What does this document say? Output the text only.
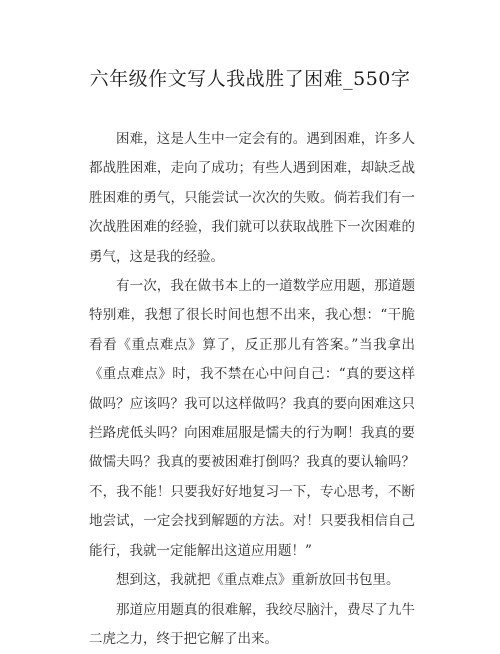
六年级作文写人我战胜了困难_550字

困难，这是人生中一定会有的。遇到困难，许多人都战胜困难，走向了成功；有些人遇到困难，却缺乏战胜困难的勇气，只能尝试一次次的失败。倘若我们有一次战胜困难的经验，我们就可以获取战胜下一次困难的勇气，这是我的经验。

有一次，我在做书本上的一道数学应用题，那道题特别难，我想了很长时间也想不出来，我心想：“干脆看看《重点难点》算了，反正那儿有答案。”当我拿出《重点难点》时，我不禁在心中问自己：“真的要这样做吗？应该吗？我可以这样做吗？我真的要向困难这只拦路虎低头吗？向困难屈服是懦夫的行为啊！我真的要做懦夫吗？我真的要被困难打倒吗？我真的要认输吗？不，我不能！只要我好好地复习一下，专心思考，不断地尝试，一定会找到解题的方法。对！只要我相信自己能行，我就一定能解出这道应用题！”

想到这，我就把《重点难点》重新放回书包里。

那道应用题真的很难解，我绞尽脑汁，费尽了九牛二虎之力，终于把它解了出来。
